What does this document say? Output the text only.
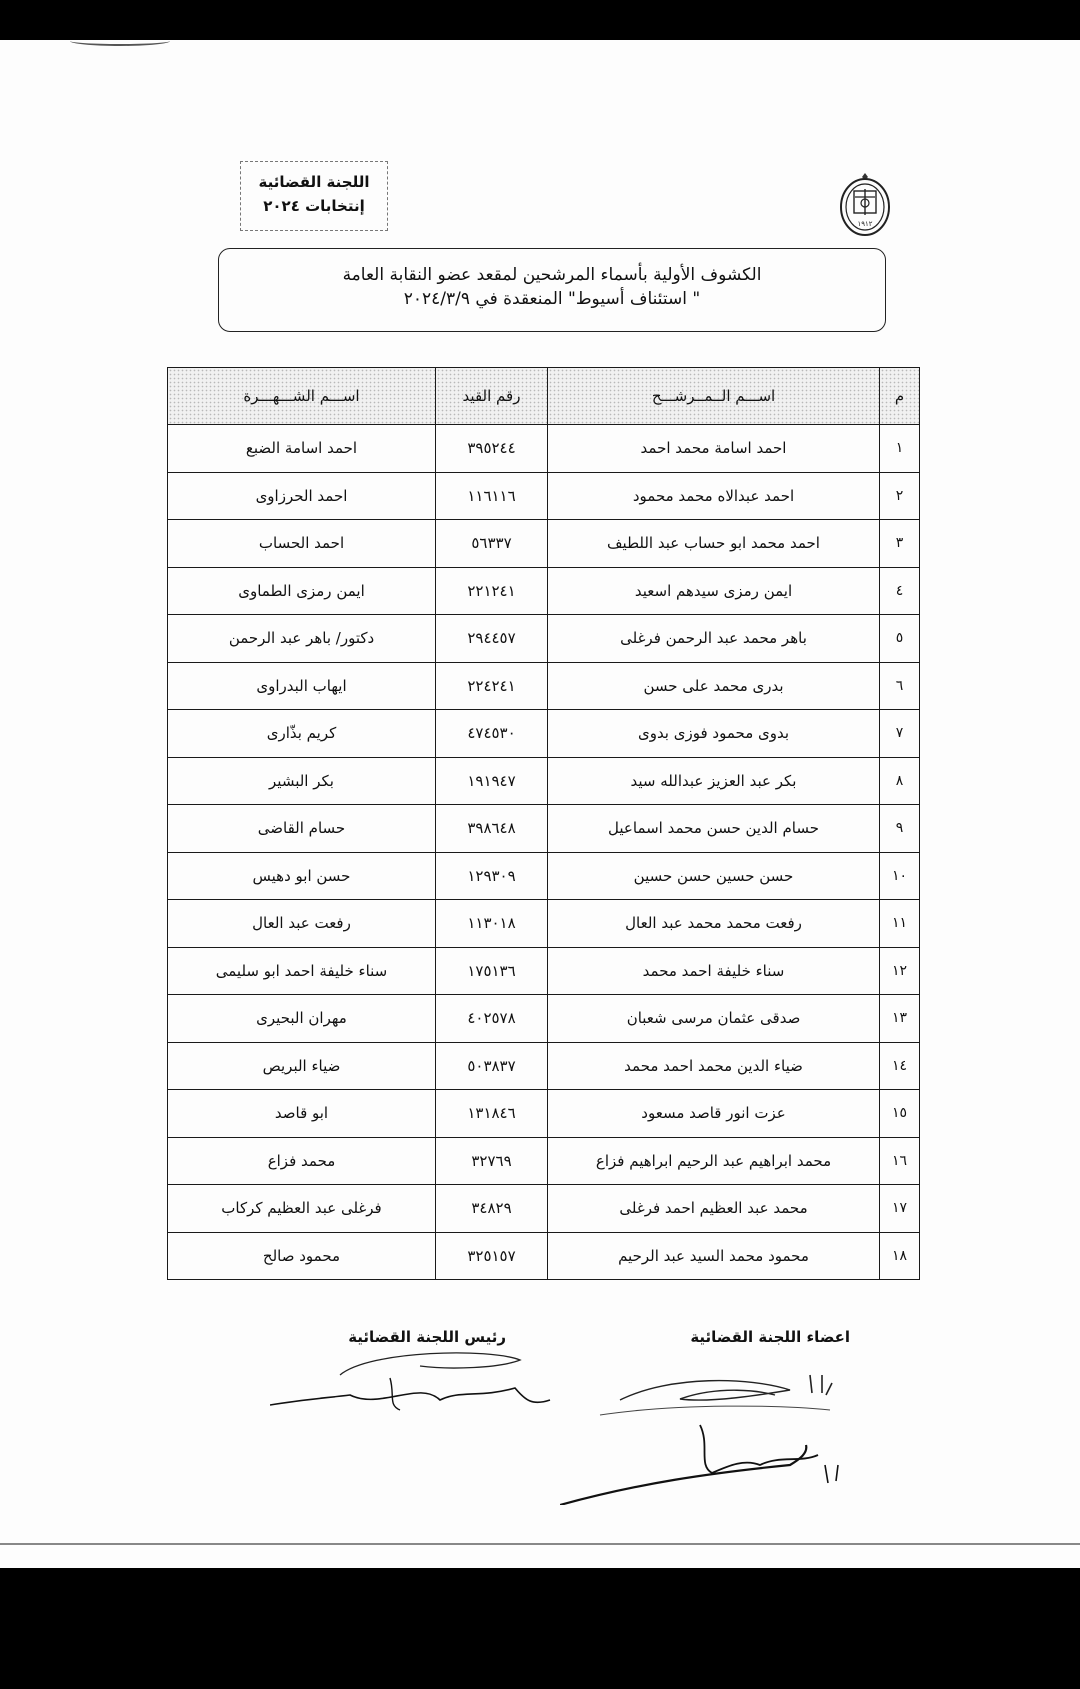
اللجنة القضائية
إنتخابات ٢٠٢٤
١٩١٢
الكشوف الأولية بأسماء المرشحين لمقعد عضو النقابة العامة
" استئناف أسيوط" المنعقدة في ٢٠٢٤/٣/٩
م	اســـم الــمــرشـــح	رقم القيد	اســـم الشـــهـــرة
١	احمد اسامة محمد احمد	٣٩٥٢٤٤	احمد اسامة الضبع
٢	احمد عبدالاه محمد محمود	١١٦١١٦	احمد الحرزاوى
٣	احمد محمد ابو حساب عبد اللطيف	٥٦٣٣٧	احمد الحساب
٤	ايمن رمزى سيدهم اسعيد	٢٢١٢٤١	ايمن رمزى الطماوى
٥	باهر محمد عبد الرحمن فرغلى	٢٩٤٤٥٧	دكتور/ باهر عبد الرحمن
٦	بدرى محمد على حسن	٢٢٤٢٤١	ايهاب البدراوى
٧	بدوى محمود فوزى بدوى	٤٧٤٥٣٠	كريم بذّارى
٨	بكر عبد العزيز عبدالله سيد	١٩١٩٤٧	بكر البشير
٩	حسام الدين حسن محمد اسماعيل	٣٩٨٦٤٨	حسام القاضى
١٠	حسن حسين حسن حسين	١٢٩٣٠٩	حسن ابو دهيس
١١	رفعت محمد محمد عبد العال	١١٣٠١٨	رفعت عبد العال
١٢	سناء خليفة احمد محمد	١٧٥١٣٦	سناء خليفة احمد ابو سليمى
١٣	صدقى عثمان مرسى شعبان	٤٠٢٥٧٨	مهران البحيرى
١٤	ضياء الدين محمد احمد محمد	٥٠٣٨٣٧	ضياء البريص
١٥	عزت انور قاصد مسعود	١٣١٨٤٦	ابو قاصد
١٦	محمد ابراهيم عبد الرحيم ابراهيم فزاع	٣٢٧٦٩	محمد فزاع
١٧	محمد عبد العظيم احمد فرغلى	٣٤٨٢٩	فرغلى عبد العظيم كركاب
١٨	محمود محمد السيد عبد الرحيم	٣٢٥١٥٧	محمود صالح
اعضاء اللجنة القضائية
رئيس اللجنة القضائية
